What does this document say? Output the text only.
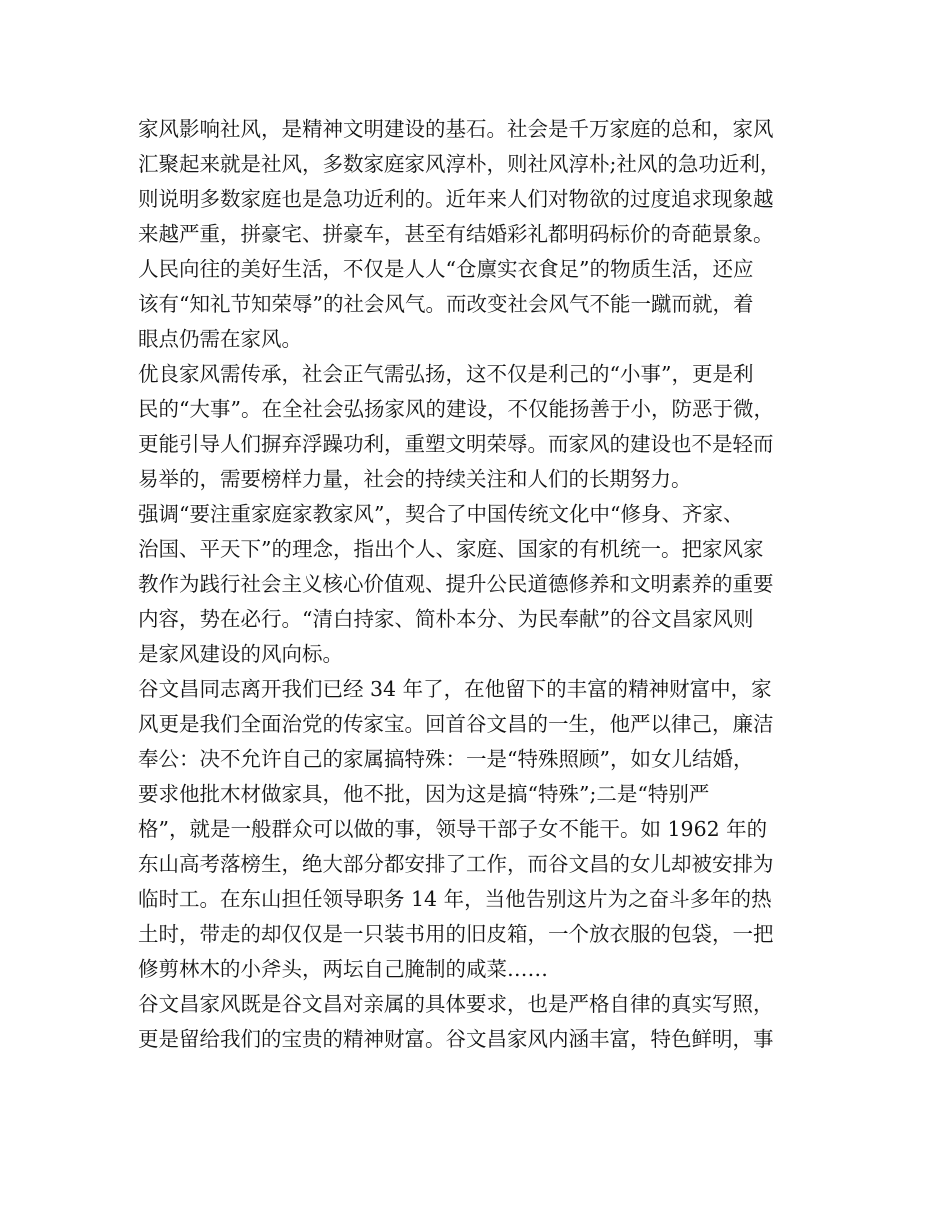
家风影响社风，是精神文明建设的基石。社会是千万家庭的总和，家风
汇聚起来就是社风，多数家庭家风淳朴，则社风淳朴;社风的急功近利，
则说明多数家庭也是急功近利的。近年来人们对物欲的过度追求现象越
来越严重，拼豪宅、拼豪车，甚至有结婚彩礼都明码标价的奇葩景象。
人民向往的美好生活，不仅是人人“仓廪实衣食足”的物质生活，还应
该有“知礼节知荣辱”的社会风气。而改变社会风气不能一蹴而就，着
眼点仍需在家风。
优良家风需传承，社会正气需弘扬，这不仅是利己的“小事”，更是利
民的“大事”。在全社会弘扬家风的建设，不仅能扬善于小，防恶于微，
更能引导人们摒弃浮躁功利，重塑文明荣辱。而家风的建设也不是轻而
易举的，需要榜样力量，社会的持续关注和人们的长期努力。
强调“要注重家庭家教家风”，契合了中国传统文化中“修身、齐家、
治国、平天下”的理念，指出个人、家庭、国家的有机统一。把家风家
教作为践行社会主义核心价值观、提升公民道德修养和文明素养的重要
内容，势在必行。“清白持家、简朴本分、为民奉献”的谷文昌家风则
是家风建设的风向标。
谷文昌同志离开我们已经 34 年了，在他留下的丰富的精神财富中，家
风更是我们全面治党的传家宝。回首谷文昌的一生，他严以律己，廉洁
奉公：决不允许自己的家属搞特殊：一是“特殊照顾”，如女儿结婚，
要求他批木材做家具，他不批，因为这是搞“特殊”;二是“特别严
格”，就是一般群众可以做的事，领导干部子女不能干。如 1962 年的
东山高考落榜生，绝大部分都安排了工作，而谷文昌的女儿却被安排为
临时工。在东山担任领导职务 14 年，当他告别这片为之奋斗多年的热
土时，带走的却仅仅是一只装书用的旧皮箱，一个放衣服的包袋，一把
修剪林木的小斧头，两坛自己腌制的咸菜……
谷文昌家风既是谷文昌对亲属的具体要求，也是严格自律的真实写照，
更是留给我们的宝贵的精神财富。谷文昌家风内涵丰富，特色鲜明，事
